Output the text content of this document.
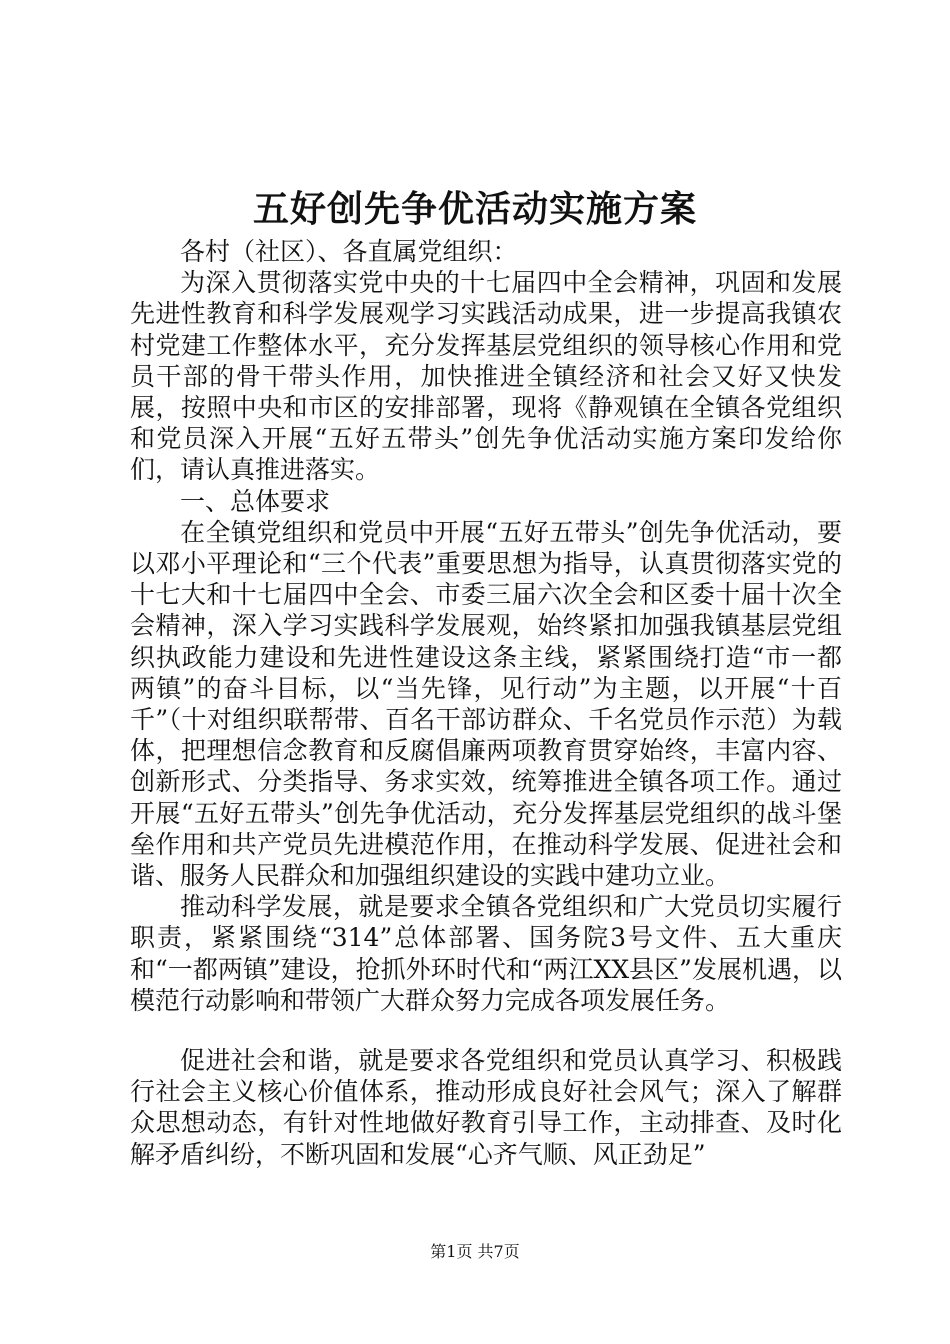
五好创先争优活动实施方案

各村（社区）、各直属党组织：

为深入贯彻落实党中央的十七届四中全会精神，巩固和发展先进性教育和科学发展观学习实践活动成果，进一步提高我镇农村党建工作整体水平，充分发挥基层党组织的领导核心作用和党员干部的骨干带头作用，加快推进全镇经济和社会又好又快发展，按照中央和市区的安排部署，现将《静观镇在全镇各党组织和党员深入开展“五好五带头”创先争优活动实施方案印发给你们，请认真推进落实。

一、总体要求

在全镇党组织和党员中开展“五好五带头”创先争优活动，要以邓小平理论和“三个代表”重要思想为指导，认真贯彻落实党的十七大和十七届四中全会、市委三届六次全会和区委十届十次全会精神，深入学习实践科学发展观，始终紧扣加强我镇基层党组织执政能力建设和先进性建设这条主线，紧紧围绕打造“市一都两镇”的奋斗目标，以“当先锋，见行动”为主题，以开展“十百千”（十对组织联帮带、百名干部访群众、千名党员作示范）为载体，把理想信念教育和反腐倡廉两项教育贯穿始终，丰富内容、创新形式、分类指导、务求实效，统筹推进全镇各项工作。通过开展“五好五带头”创先争优活动，充分发挥基层党组织的战斗堡垒作用和共产党员先进模范作用，在推动科学发展、促进社会和谐、服务人民群众和加强组织建设的实践中建功立业。

推动科学发展，就是要求全镇各党组织和广大党员切实履行职责，紧紧围绕“314”总体部署、国务院3号文件、五大重庆和“一都两镇”建设，抢抓外环时代和“两江XX县区”发展机遇，以模范行动影响和带领广大群众努力完成各项发展任务。

促进社会和谐，就是要求各党组织和党员认真学习、积极践行社会主义核心价值体系，推动形成良好社会风气；深入了解群众思想动态，有针对性地做好教育引导工作，主动排查、及时化解矛盾纠纷，不断巩固和发展“心齐气顺、风正劲足”

第1页 共7页
